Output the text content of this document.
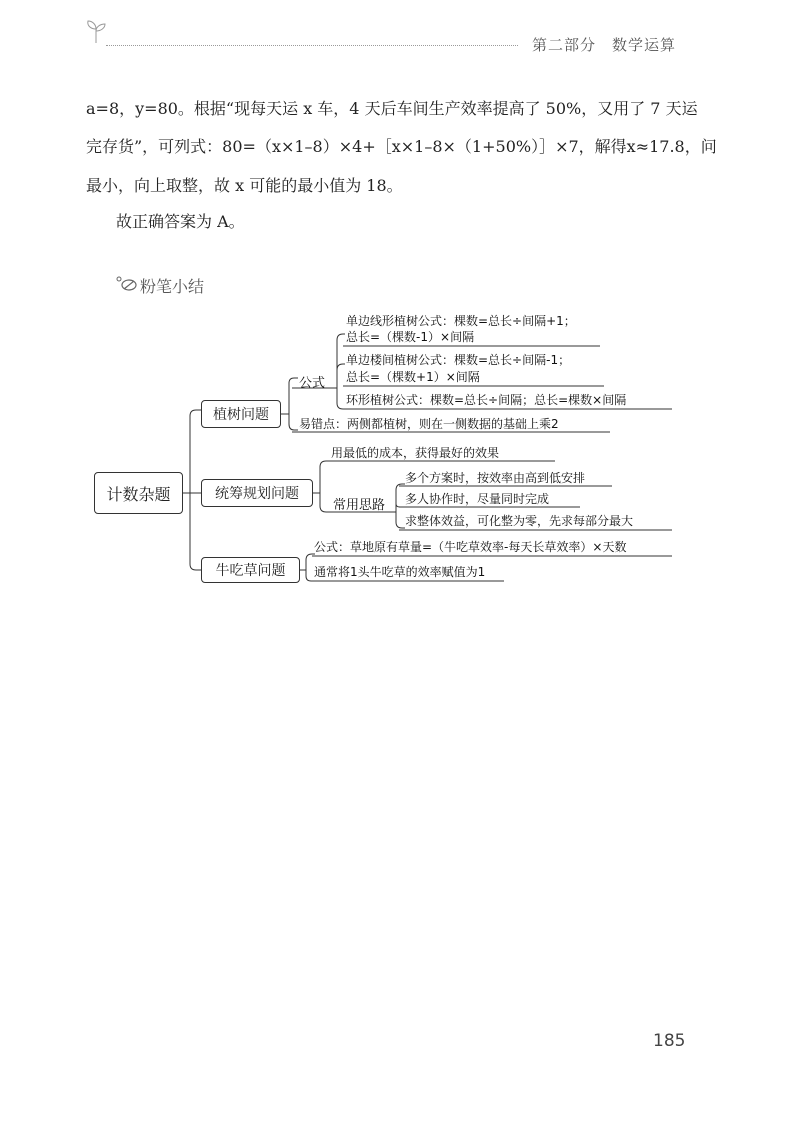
第二部分　数学运算
a=8，y=80。根据“现每天运 x 车，4 天后车间生产效率提高了 50%，又用了 7 天运
完存货”，可列式：80=（x×1–8）×4+［x×1–8×（1+50%）］×7，解得x≈17.8，问
最小，向上取整，故 x 可能的最小值为 18。
故正确答案为 A。
粉笔小结
计数杂题
植树问题
统筹规划问题
牛吃草问题
公式
单边线形植树公式：棵数=总长÷间隔+1；
总长=（棵数-1）×间隔
单边楼间植树公式：棵数=总长÷间隔-1；
总长=（棵数+1）×间隔
环形植树公式：棵数=总长÷间隔；总长=棵数×间隔
易错点：两侧都植树，则在一侧数据的基础上乘2
用最低的成本，获得最好的效果
常用思路
多个方案时，按效率由高到低安排
多人协作时，尽量同时完成
求整体效益，可化整为零，先求每部分最大
公式：草地原有草量=（牛吃草效率-每天长草效率）×天数
通常将1头牛吃草的效率赋值为1
185
